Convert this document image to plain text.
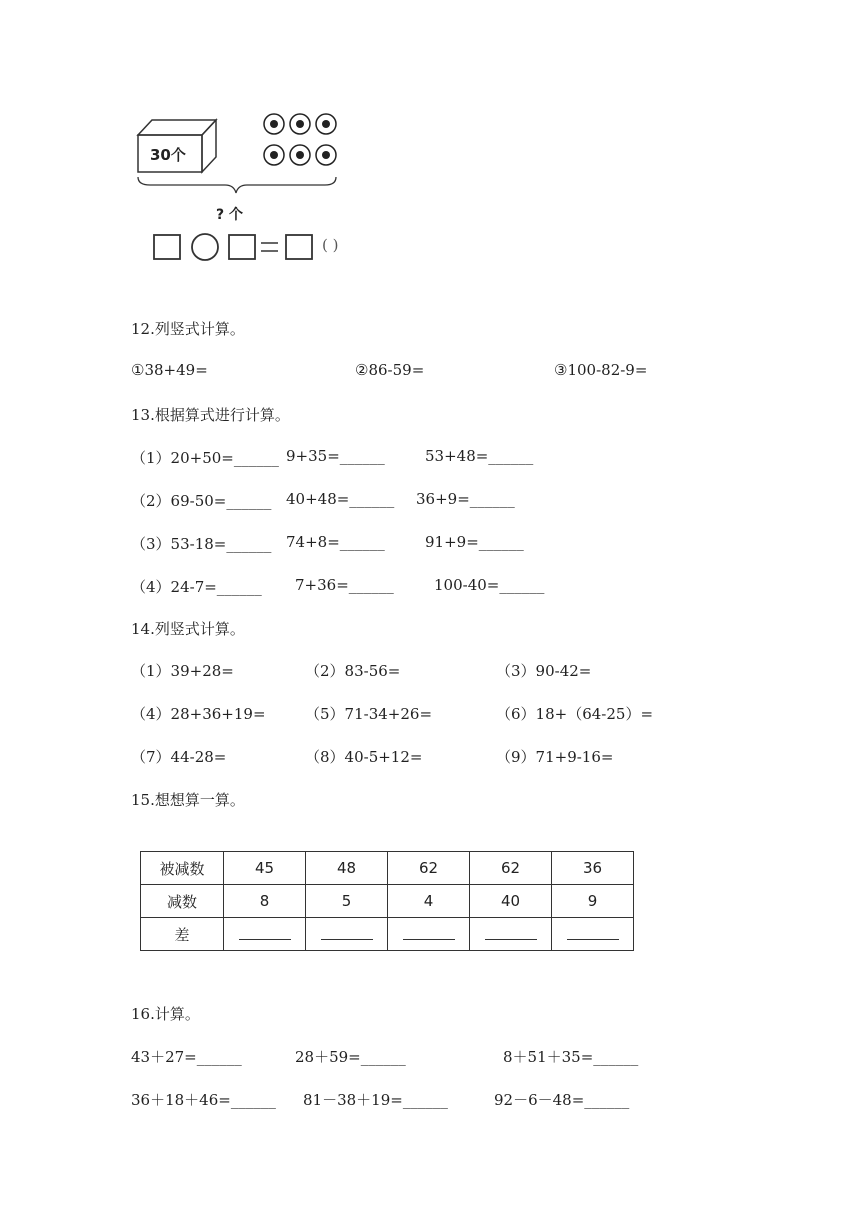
30个
? 个
( )
12.列竖式计算。
①38+49=	②86-59=	③100-82-9=
13.根据算式进行计算。
（1）20+50=______ 9+35=______	53+48=______
（2）69-50=______ 40+48=______ 36+9=______
（3）53-18=______ 74+8=______	91+9=______
（4）24-7=______ 7+36=______	100-40=______
14.列竖式计算。
（1）39+28=	（2）83-56=	（3）90-42=
（4）28+36+19=	（5）71-34+26=	（6）18+（64-25）=
（7）44-28=	（8）40-5+12=	（9）71+9-16=
15.想想算一算。
被减数	45	48	62	62	36
减数	8	5	4	40	9
差					
16.计算。
43＋27=______	28＋59=______	8＋51＋35=______
36＋18＋46=______ 81－38＋19=______	92－6－48=______
